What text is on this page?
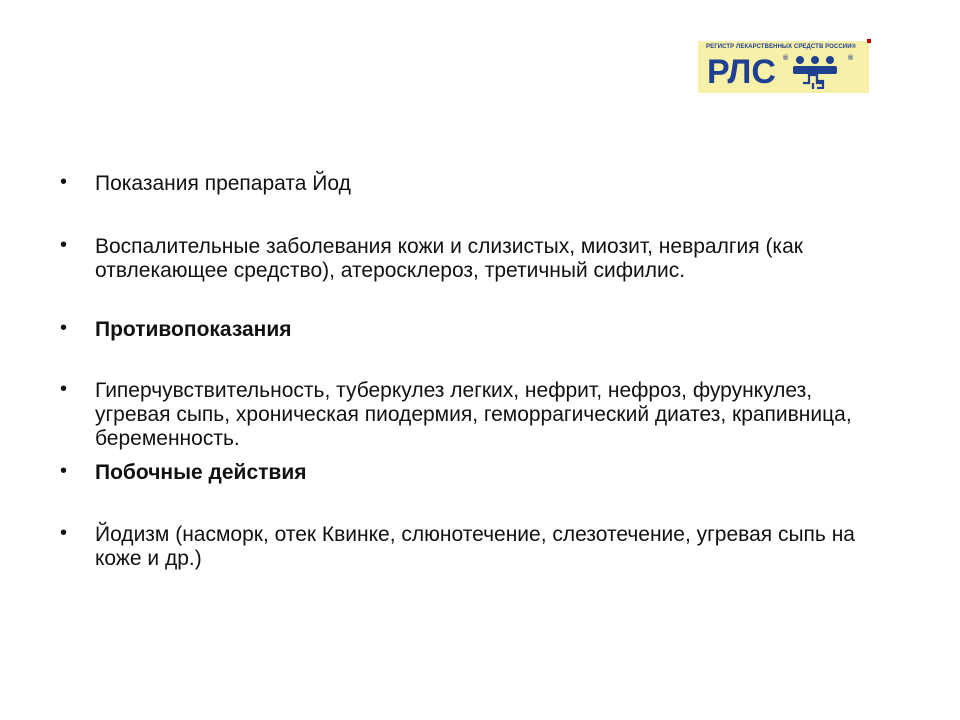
РЕГИСТР ЛЕКАРСТВЕННЫХ СРЕДСТВ РОССИИ®
РЛС ®	®
• Показания препарата Йод
• Воспалительные заболевания кожи и слизистых, миозит, невралгия (как отвлекающее средство), атеросклероз, третичный сифилис.
• Противопоказания
• Гиперчувствительность, туберкулез легких, нефрит, нефроз, фурункулез, угревая сыпь, хроническая пиодермия, геморрагический диатез, крапивница, беременность.
• Побочные действия
• Йодизм (насморк, отек Квинке, слюнотечение, слезотечение, угревая сыпь на коже и др.)
